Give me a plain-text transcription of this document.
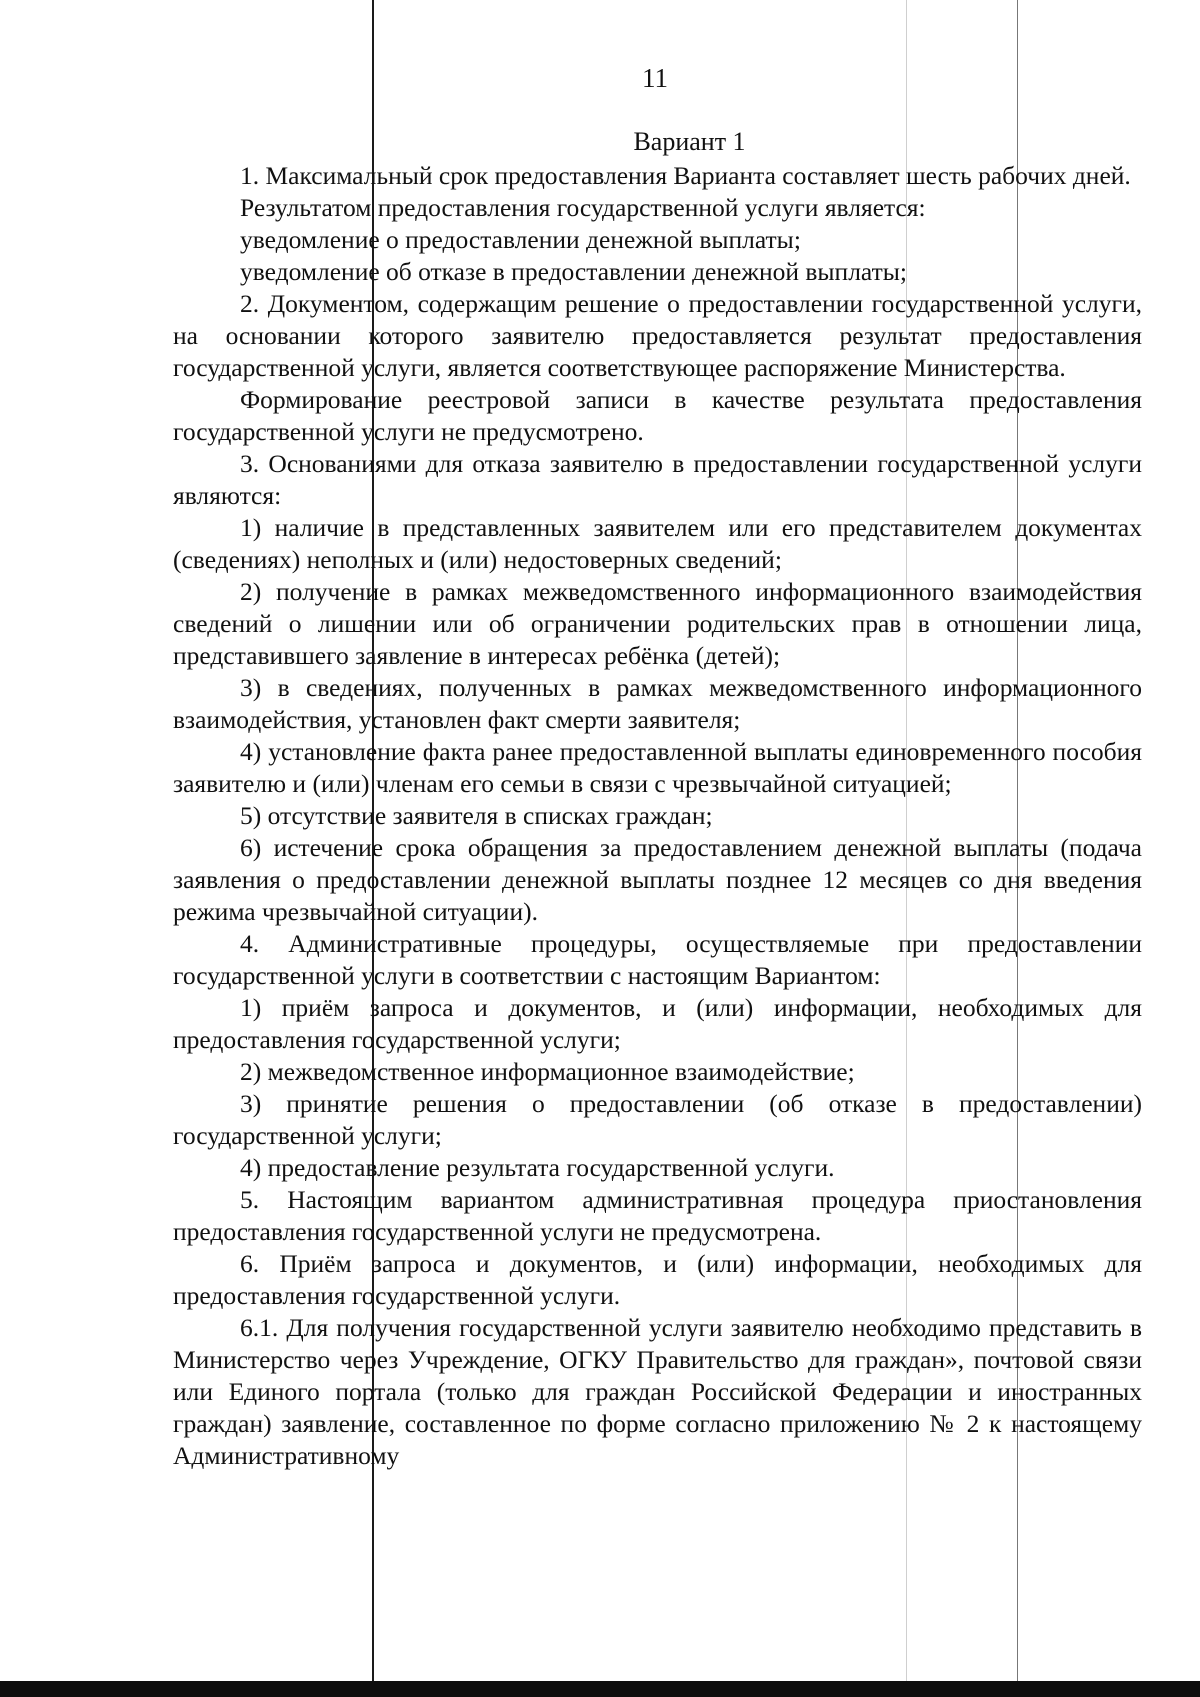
11
Вариант 1

1. Максимальный срок предоставления Варианта составляет шесть рабочих дней.

Результатом предоставления государственной услуги является:

уведомление о предоставлении денежной выплаты;

уведомление об отказе в предоставлении денежной выплаты;

2. Документом, содержащим решение о предоставлении государственной услуги, на основании которого заявителю предоставляется результат предоставления государственной услуги, является соответствующее распоряжение Министерства.

Формирование реестровой записи в качестве результата предоставления государственной услуги не предусмотрено.

3. Основаниями для отказа заявителю в предоставлении государственной услуги являются:

1) наличие в представленных заявителем или его представителем документах (сведениях) неполных и (или) недостоверных сведений;

2) получение в рамках межведомственного информационного взаимодействия сведений о лишении или об ограничении родительских прав в отношении лица, представившего заявление в интересах ребёнка (детей);

3) в сведениях, полученных в рамках межведомственного информационного взаимодействия, установлен факт смерти заявителя;

4) установление факта ранее предоставленной выплаты единовременного пособия заявителю и (или) членам его семьи в связи с чрезвычайной ситуацией;

5) отсутствие заявителя в списках граждан;

6) истечение срока обращения за предоставлением денежной выплаты (подача заявления о предоставлении денежной выплаты позднее 12 месяцев со дня введения режима чрезвычайной ситуации).

4. Административные процедуры, осуществляемые при предоставлении государственной услуги в соответствии с настоящим Вариантом:

1) приём запроса и документов, и (или) информации, необходимых для предоставления государственной услуги;

2) межведомственное информационное взаимодействие;

3) принятие решения о предоставлении (об отказе в предоставлении) государственной услуги;

4) предоставление результата государственной услуги.

5. Настоящим вариантом административная процедура приостановления предоставления государственной услуги не предусмотрена.

6. Приём запроса и документов, и (или) информации, необходимых для предоставления государственной услуги.

6.1. Для получения государственной услуги заявителю необходимо представить в Министерство через Учреждение, ОГКУ Правительство для граждан», почтовой связи или Единого портала (только для граждан Российской Федерации и иностранных граждан) заявление, составленное по форме согласно приложению № 2 к настоящему Административному
